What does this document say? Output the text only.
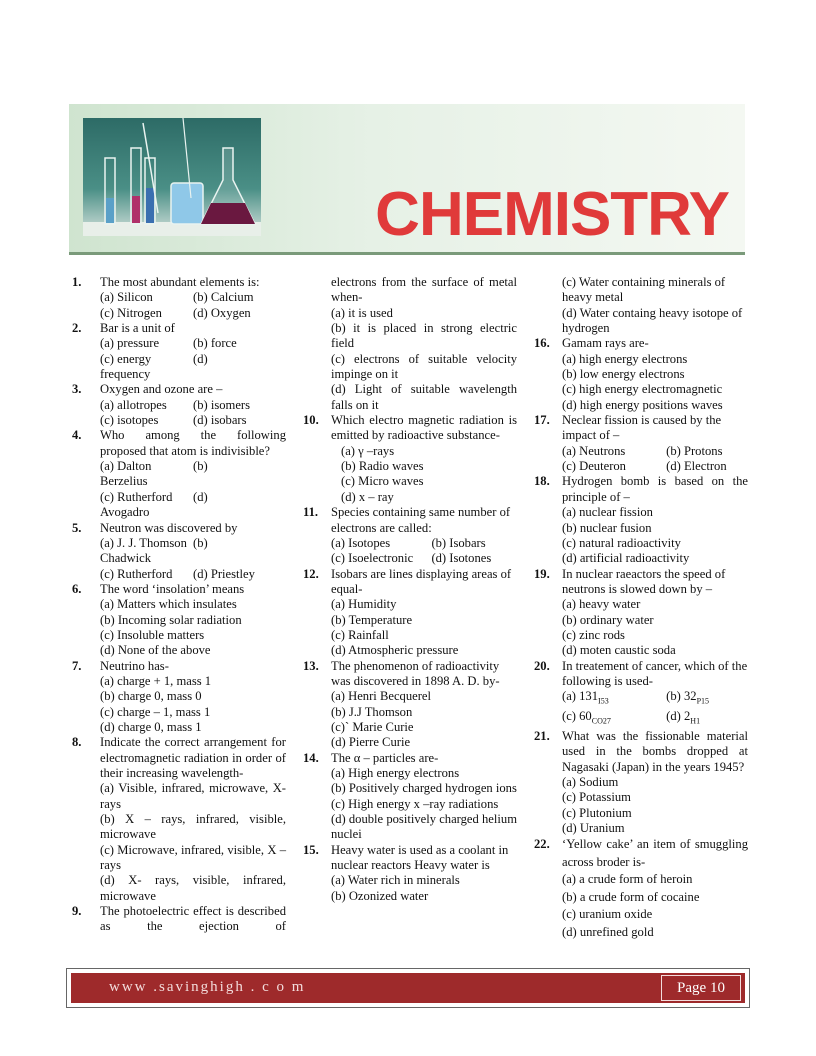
CHEMISTRY
1. The most abundant elements is:
(a) Silicon	(b) Calcium
(c) Nitrogen	(d) Oxygen
2. Bar is a unit of
(a) pressure	(b) force
(c) energy	(d)
frequency
3. Oxygen and ozone are –
(a) allotropes	(b) isomers
(c) isotopes	(d) isobars
4. Who among the following
proposed that atom is indivisible?
(a) Dalton	(b)
Berzelius
(c) Rutherford	(d)
Avogadro
5. Neutron was discovered by
(a) J. J. Thomson (b)
Chadwick
(c) Rutherford	(d) Priestley
6. The word ‘insolation’ means
(a) Matters which insulates
(b) Incoming solar radiation
(c) Insoluble matters
(d) None of the above
7. Neutrino has-
(a) charge + 1, mass 1
(b) charge 0, mass 0
(c) charge – 1, mass 1
(d) charge 0, mass 1
8. Indicate the correct arrangement for electromagnetic radiation in order of their increasing wavelength-
(a) Visible, infrared, microwave, X- rays
(b) X – rays, infrared, visible, microwave
(c) Microwave, infrared, visible, X – rays
(d) X- rays, visible, infrared, microwave
9. The photoelectric effect is described as the ejection of
electrons from the surface of metal when-
(a) it is used
(b) it is placed in strong electric field
(c) electrons of suitable velocity impinge on it
(d) Light of suitable wavelength falls on it
10. Which electro magnetic radiation is emitted by radioactive substance-
(a) γ –rays
(b) Radio waves
(c) Micro waves
(d) x – ray
11. Species containing same number of electrons are called:
(a) Isotopes	(b) Isobars
(c) Isoelectronic	(d) Isotones
12. Isobars are lines displaying areas of equal-
(a) Humidity
(b) Temperature
(c) Rainfall
(d) Atmospheric pressure
13. The phenomenon of radioactivity was discovered in 1898 A. D. by-
(a) Henri Becquerel
(b) J.J Thomson
(c)` Marie Curie
(d) Pierre Curie
14. The α – particles are-
(a) High energy electrons
(b) Positively charged hydrogen ions
(c) High energy x –ray radiations
(d) double positively charged helium nuclei
15. Heavy water is used as a coolant in nuclear reactors Heavy water is
(a) Water rich in minerals
(b) Ozonized water
(c) Water containing minerals of heavy metal
(d) Water containg heavy isotope of hydrogen
16. Gamam rays are-
(a) high energy electrons
(b) low energy electrons
(c) high energy electromagnetic
(d) high energy positions waves
17. Neclear fission is caused by the impact of –
(a) Neutrons	(b) Protons
(c) Deuteron	(d) Electron
18. Hydrogen bomb is based on the principle of –
(a) nuclear fission
(b) nuclear fusion
(c) natural radioactivity
(d) artificial radioactivity
19. In nuclear raeactors the speed of neutrons is slowed down by –
(a) heavy water
(b) ordinary water
(c) zinc rods
(d) moten caustic soda
20. In treatement of cancer, which of the following is used-
(a) $131_{I53}$	(b) $32_{P15}$
(c) $60_{CO27}$	(d) $2_{H1}$
21. What was the fissionable material used in the bombs dropped at Nagasaki (Japan) in the years 1945?
(a) Sodium
(c) Potassium
(c) Plutonium
(d) Uranium
22. ‘Yellow cake’ an item of smuggling across broder is-
(a) a crude form of heroin
(b) a crude form of cocaine
(c) uranium oxide
(d) unrefined gold
www .savinghigh . c o m	Page 10
